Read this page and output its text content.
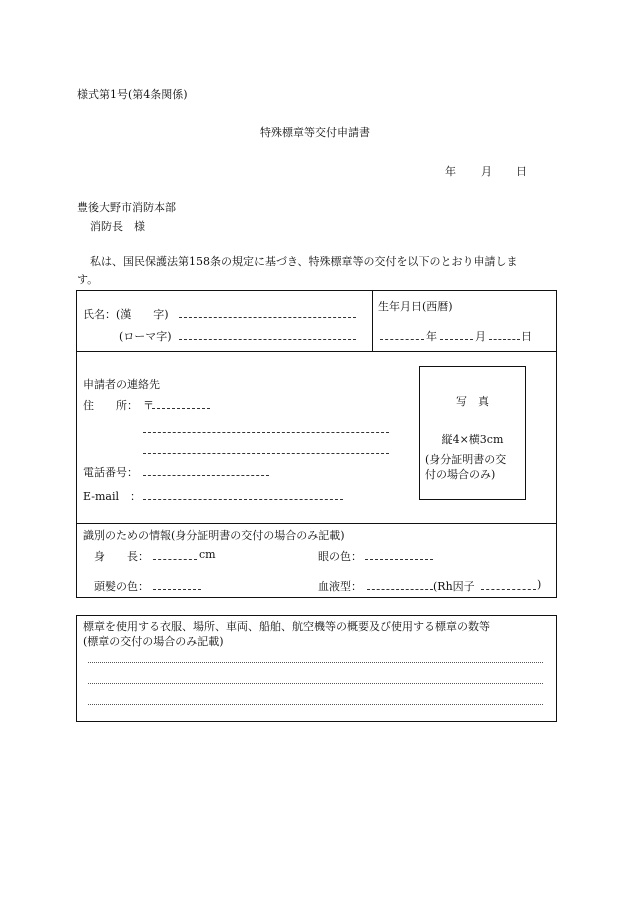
様式第1号(第4条関係)
特殊標章等交付申請書
年 月 日
豊後大野市消防本部
消防長　様
私は、国民保護法第158条の規定に基づき、特殊標章等の交付を以下のとおり申請しま
す。
氏名：(漢　　字)
(ローマ字)
生年月日(西暦)
年	月	日
申請者の連絡先
住　　所： 〒
電話番号：
E-mail　：
写　真
縦4×横3cm
(身分証明書の交
付の場合のみ)
識別のための情報(身分証明書の交付の場合のみ記載)
身　　長：	cm	眼の色：
頭髪の色：	血液型：	(Rh因子	)
標章を使用する衣服、場所、車両、船舶、航空機等の概要及び使用する標章の数等
(標章の交付の場合のみ記載)
